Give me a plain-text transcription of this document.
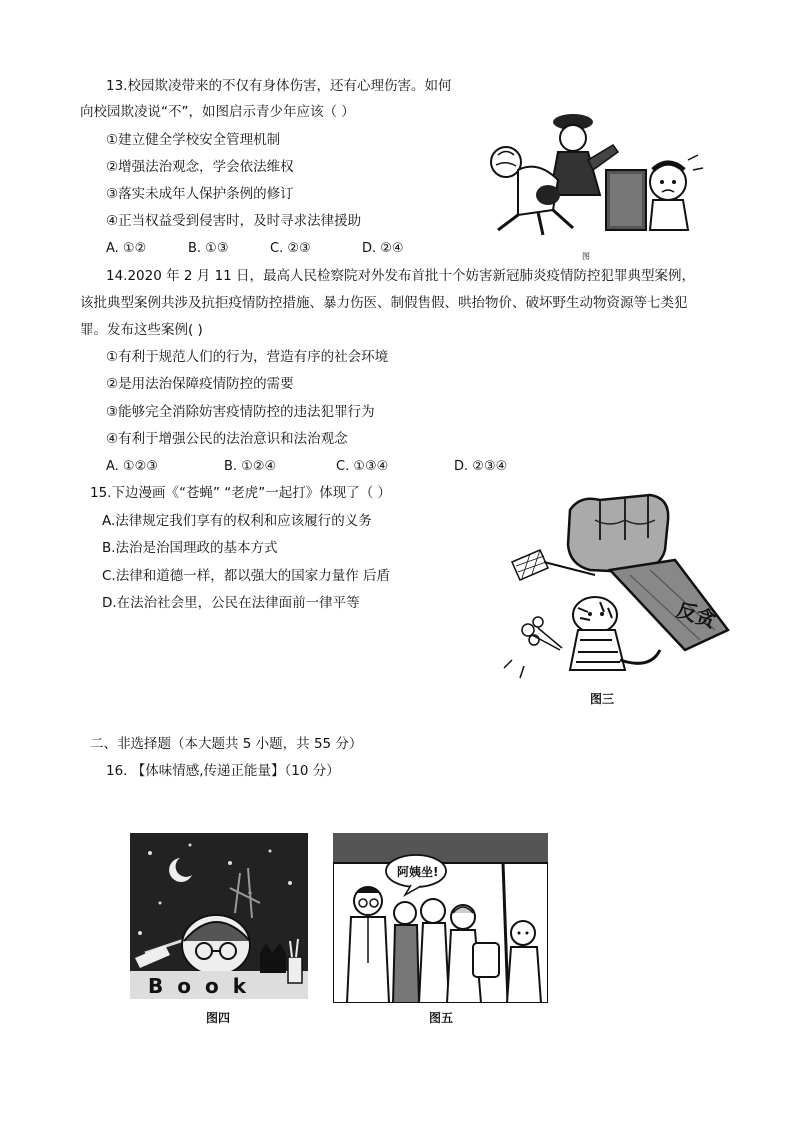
13.校园欺凌带来的不仅有身体伤害，还有心理伤害。如何
向校园欺凌说“不”，如图启示青少年应该（ ）
①建立健全学校安全管理机制
②增强法治观念，学会依法维权
③落实未成年人保护条例的修订
④正当权益受到侵害时，及时寻求法律援助
A. ①②	B. ①③	C. ②③	D. ②④
图
14.2020 年 2 月 11 日，最高人民检察院对外发布首批十个妨害新冠肺炎疫情防控犯罪典型案例，
该批典型案例共涉及抗拒疫情防控措施、暴力伤医、制假售假、哄抬物价、破坏野生动物资源等七类犯
罪。发布这些案例( )
①有利于规范人们的行为，营造有序的社会环境
②是用法治保障疫情防控的需要
③能够完全消除妨害疫情防控的违法犯罪行为
④有利于增强公民的法治意识和法治观念
A. ①②③	B. ①②④	C. ①③④	D. ②③④
15.下边漫画《“苍蝇” “老虎”一起打》体现了（ ）
A.法律规定我们享有的权利和应该履行的义务
B.法治是治国理政的基本方式
C.法律和道德一样，都以强大的国家力量作 后盾
D.在法治社会里，公民在法律面前一律平等	反贪
图三
二、非选择题（本大题共 5 小题，共 55 分）
16. 【体味情感,传递正能量】（10 分）
Book
图四
阿姨坐!
图五
